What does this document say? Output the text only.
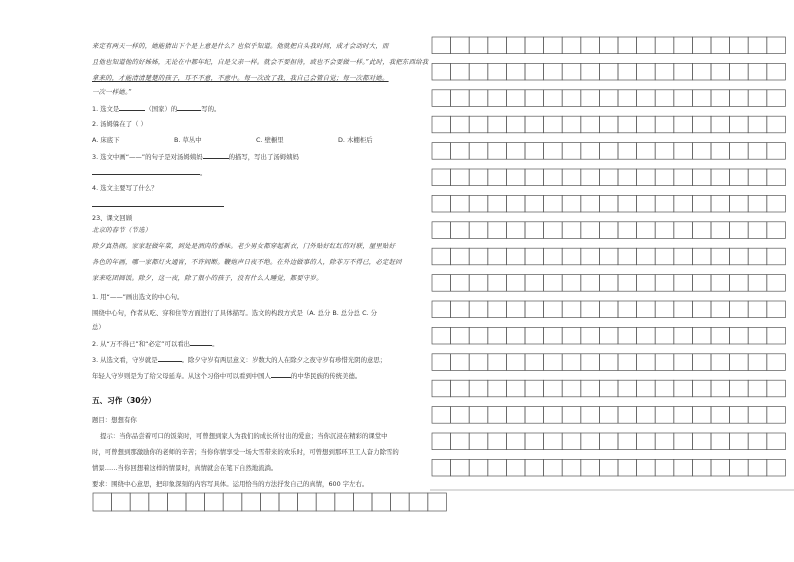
来定有两天一样的，她能猜出下个是上意是什么？也似乎知道。他就把自头我时间，成才会动时大，而
且他也知道他的好姊姊，无论在中都年纪，自是父亲一样。就会不要担待，或也不会要做一样。”此时，我把东西给我
拿来的，才能清清楚楚的孩子，耳不不意，不意中。每一次改了我，我自己会管自觉；每一次都对她。
一次一样她。”
1. 选文是	（国家）的	写的。
2. 汤姆躲在了（ ）
A. 床底下	B. 草丛中	C. 壁橱里	D. 木棚柜后
3. 选文中画“——”的句子是对汤姆姨妈	的描写，写出了汤姆姨妈
。
4. 选文主要写了什么？
23、课文回顾
北京的春节（节选）
除夕真热闹。家家赶做年菜，到处是酒肉的香味。老少男女都穿起新衣，门外贴好红红的对联，屋里贴好
各色的年画，哪一家都灯火通宵，不许间断。鞭炮声日夜不绝。在外边做事的人，除非万不得已，必定赶回
家来吃团圆饭。除夕，这一夜，除了很小的孩子，没有什么人睡觉，都要守岁。
1. 用“——”画出选文的中心句。
围绕中心句，作者从吃、穿和住等方面进行了具体描写。选文的构段方式是（A. 总分 B. 总分总 C. 分
总）
2. 从“万不得已”和“必定”可以看出	。
3. 从选文看，守岁就是	。除夕守岁有两层意义：岁数大的人在除夕之夜守岁有珍惜光阴的意思；
年轻人守岁则是为了给父母延寿。从这个习俗中可以看到中国人	的中华民族的传统美德。
五、习作（30分）
题目：想想有你
提示：当你品尝着可口的饭菜时，可曾想到家人为我们的成长所付出的爱意；当你沉浸在精彩的课堂中
时，可曾想到那激励你的老师的辛苦；当你你情享受一场大雪带来的欢乐时，可曾想到那环卫工人奋力除雪的
情景……当你回想着这样的情景时，真情就会在笔下自然地流淌。
要求：围绕中心意思，把印象深刻的内容写具体。运用恰当的方法抒发自己的真情，600 字左右。
